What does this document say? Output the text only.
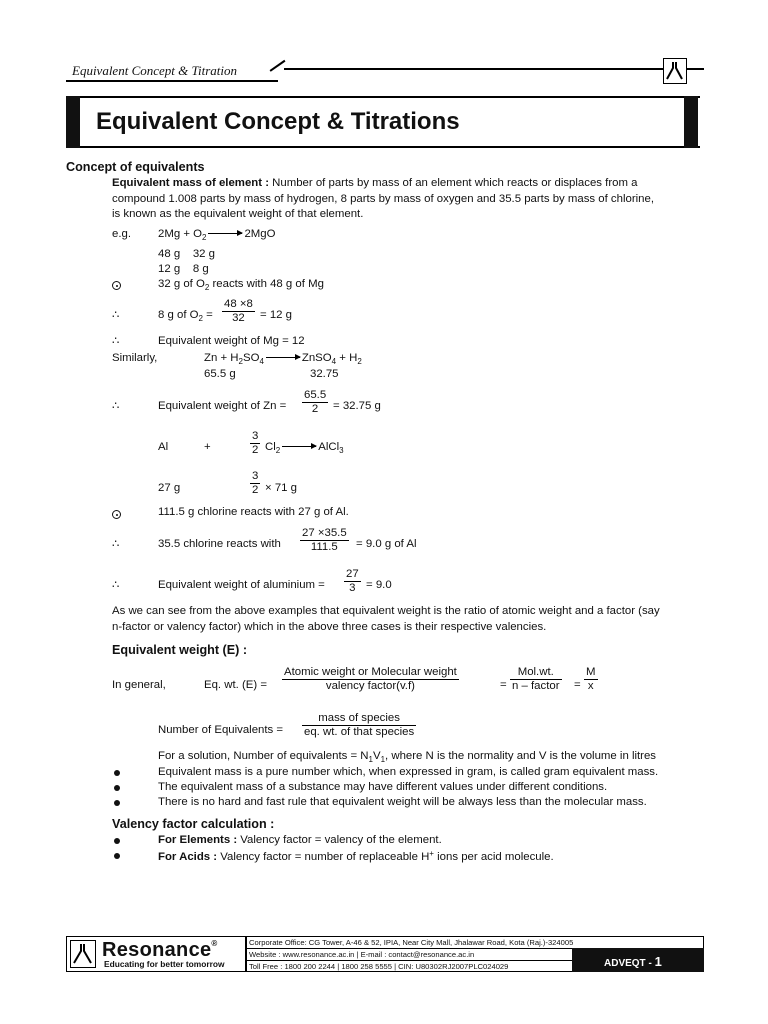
Equivalent Concept & Titration
Equivalent Concept & Titrations
Concept of equivalents
Equivalent mass of element : Number of parts by mass of an element which reacts or displaces from a
compound 1.008 parts by mass of hydrogen, 8 parts by mass of oxygen and 35.5 parts by mass of chlorine,
is known as the equivalent weight of that element.
e.g. $2Mg + O_2 \to 2MgO$
48 g    32 g
12 g    8 g
32 g of $O_2$ reacts with 48 g of Mg
∴	8 g of $O_2 = \frac{48 \times 8}{32} = 12$ g
∴	Equivalent weight of Mg = 12
Similarly,	$Zn + H_2SO_4$ → ZnSO$_4$ + $H_2$
65.5 g	32.75
∴	Equivalent weight of $Zn = \frac{65.5}{2} = 32.75$ g
Al	+	$\frac{3}{2} Cl_2$ → AlCl$_3$
27 g	$\frac{3}{2} \times 71$ g
111.5 g chlorine reacts with 27 g of Al.
∴	35.5 chlorine reacts with $\frac{27 \times 35.5}{111.5} = 9.0$ g of Al
∴	Equivalent weight of aluminium = $\frac{27}{3} = 9.0$
As we can see from the above examples that equivalent weight is the ratio of atomic weight and a factor (say
n-factor or valency factor) which in the above three cases is their respective valencies.
Equivalent weight (E) :
In general,	Eq. wt. (E) =
Atomic weight or Molecular weight
valency factor(v.f)	=
Mol.wt.
n – factor = $\frac{M}{x}$
Number of Equivalents =
mass of species
eq. wt. of that species
For a solution, Number of equivalents = $N_1V_1$, where N is the normality and V is the volume in litres
Equivalent mass is a pure number which, when expressed in gram, is called gram equivalent mass.
The equivalent mass of a substance may have different values under different conditions.
There is no hard and fast rule that equivalent weight will be always less than the molecular mass.
Valency factor calculation :
For Elements : Valency factor = valency of the element.
For Acids : Valency factor = number of replaceable H+ ions per acid molecule.
Resonance®
Educating for better tomorrow
Corporate Office: CG Tower, A-46 & 52, IPIA, Near City Mall, Jhalawar Road, Kota (Raj.)-324005
Website : www.resonance.ac.in | E-mail : contact@resonance.ac.in
Toll Free : 1800 200 2244 | 1800 258 5555 | CIN: U80302RJ2007PLC024029	ADVEQT - 1
